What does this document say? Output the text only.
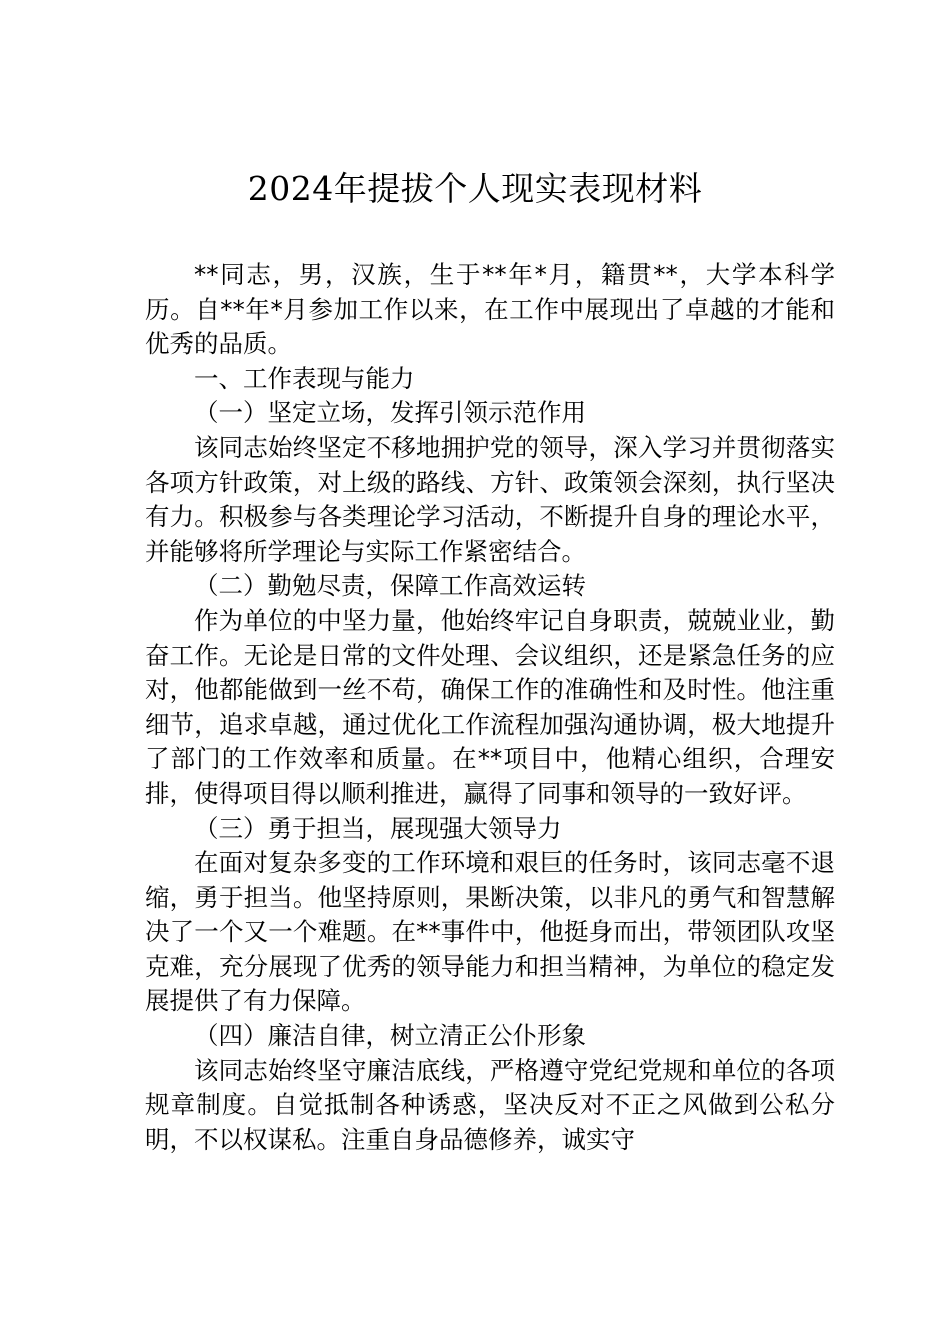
2024年提拔个人现实表现材料

**同志，男，汉族，生于**年*月，籍贯**，大学本科学历。自**年*月参加工作以来，在工作中展现出了卓越的才能和优秀的品质。

一、工作表现与能力

（一）坚定立场，发挥引领示范作用

该同志始终坚定不移地拥护党的领导，深入学习并贯彻落实各项方针政策，对上级的路线、方针、政策领会深刻，执行坚决有力。积极参与各类理论学习活动，不断提升自身的理论水平，并能够将所学理论与实际工作紧密结合。

（二）勤勉尽责，保障工作高效运转

作为单位的中坚力量，他始终牢记自身职责，兢兢业业，勤奋工作。无论是日常的文件处理、会议组织，还是紧急任务的应对，他都能做到一丝不苟，确保工作的准确性和及时性。他注重细节，追求卓越，通过优化工作流程加强沟通协调，极大地提升了部门的工作效率和质量。在**项目中，他精心组织，合理安排，使得项目得以顺利推进，赢得了同事和领导的一致好评。

（三）勇于担当，展现强大领导力

在面对复杂多变的工作环境和艰巨的任务时，该同志毫不退缩，勇于担当。他坚持原则，果断决策，以非凡的勇气和智慧解决了一个又一个难题。在**事件中，他挺身而出，带领团队攻坚克难，充分展现了优秀的领导能力和担当精神，为单位的稳定发展提供了有力保障。

（四）廉洁自律，树立清正公仆形象

该同志始终坚守廉洁底线，严格遵守党纪党规和单位的各项规章制度。自觉抵制各种诱惑，坚决反对不正之风做到公私分明，不以权谋私。注重自身品德修养，诚实守
